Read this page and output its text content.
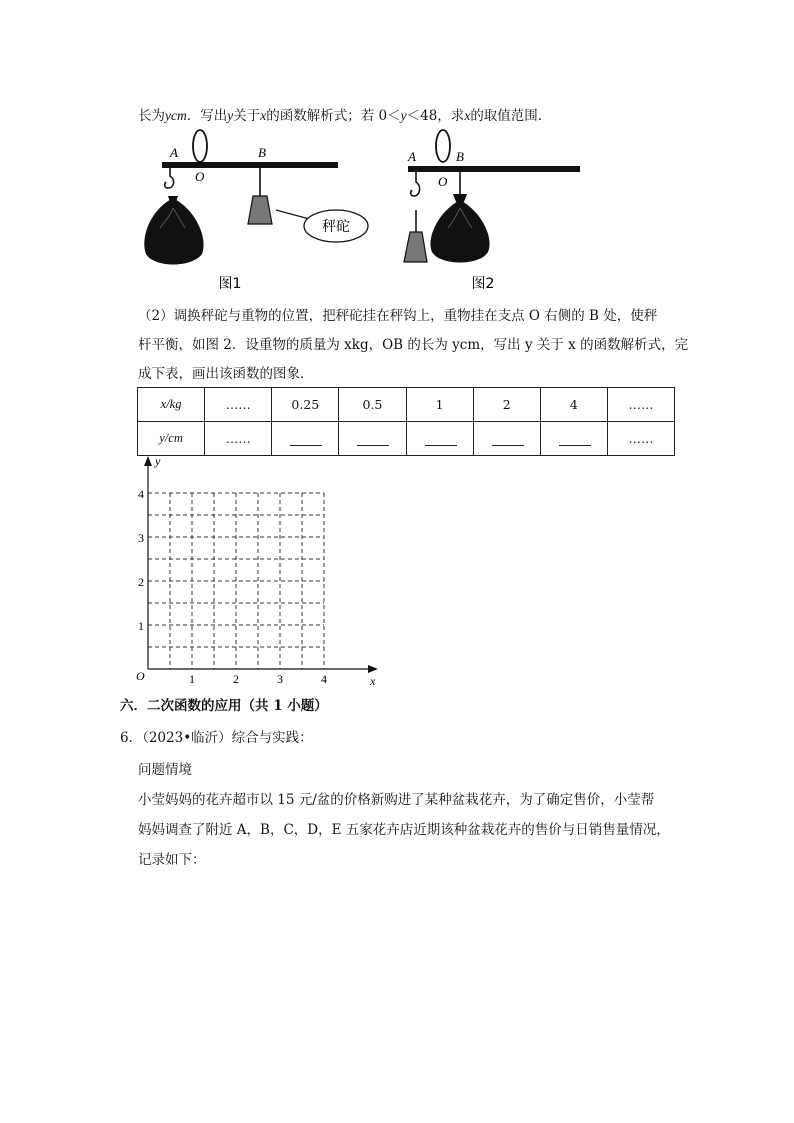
长为ycm．写出y关于x的函数解析式；若 0＜y＜48，求x的取值范围．
秤砣
A
O
B
图1
A
O
B
图2
（2）调换秤砣与重物的位置，把秤砣挂在秤钩上，重物挂在支点 O 右侧的 B 处，使秤
杆平衡，如图 2．设重物的质量为 xkg，OB 的长为 ycm，写出 y 关于 x 的函数解析式，完
成下表，画出该函数的图象．
x/kg	……	0.25	0.5	1	2	4	……
y/cm	……						……
y
x
O
1
2
3
4
1	2	3	4
六．二次函数的应用（共 1 小题）
6．（2023•临沂）综合与实践：
问题情境
小莹妈妈的花卉超市以 15 元/盆的价格新购进了某种盆栽花卉，为了确定售价，小莹帮
妈妈调查了附近 A，B，C，D，E 五家花卉店近期该种盆栽花卉的售价与日销售量情况，
记录如下：
